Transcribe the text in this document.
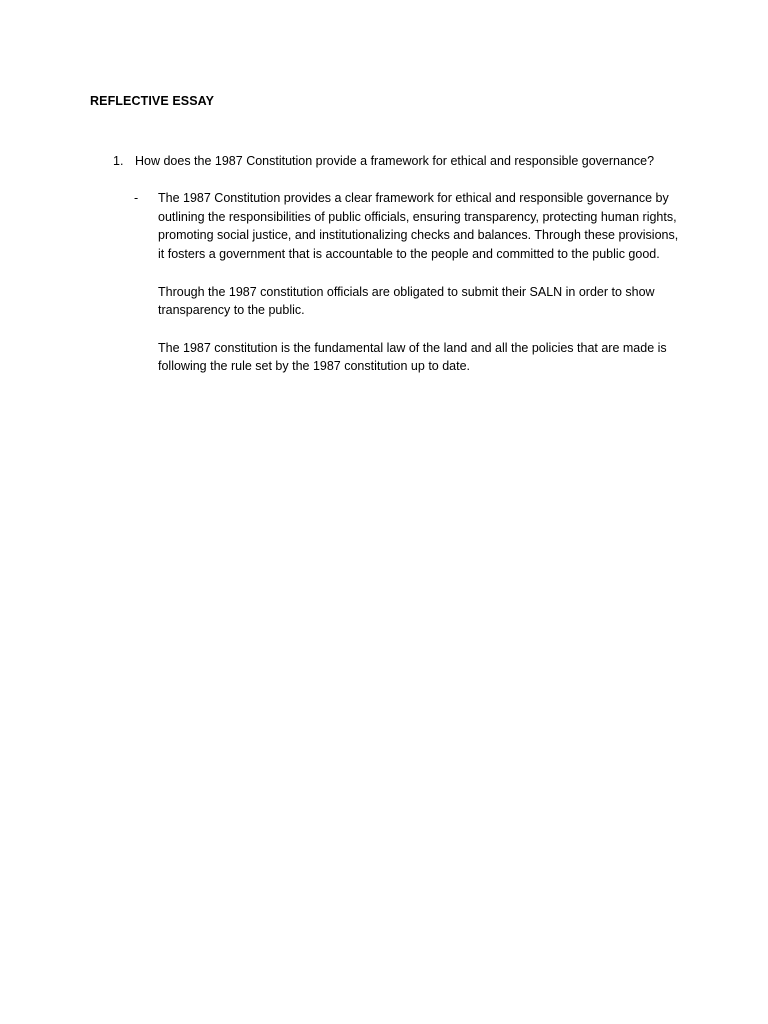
REFLECTIVE ESSAY
1. How does the 1987 Constitution provide a framework for ethical and responsible governance?
- The 1987 Constitution provides a clear framework for ethical and responsible governance by outlining the responsibilities of public officials, ensuring transparency, protecting human rights, promoting social justice, and institutionalizing checks and balances. Through these provisions, it fosters a government that is accountable to the people and committed to the public good.

Through the 1987 constitution officials are obligated to submit their SALN in order to show transparency to the public.

The 1987 constitution is the fundamental law of the land and all the policies that are made is following the rule set by the 1987 constitution up to date.
